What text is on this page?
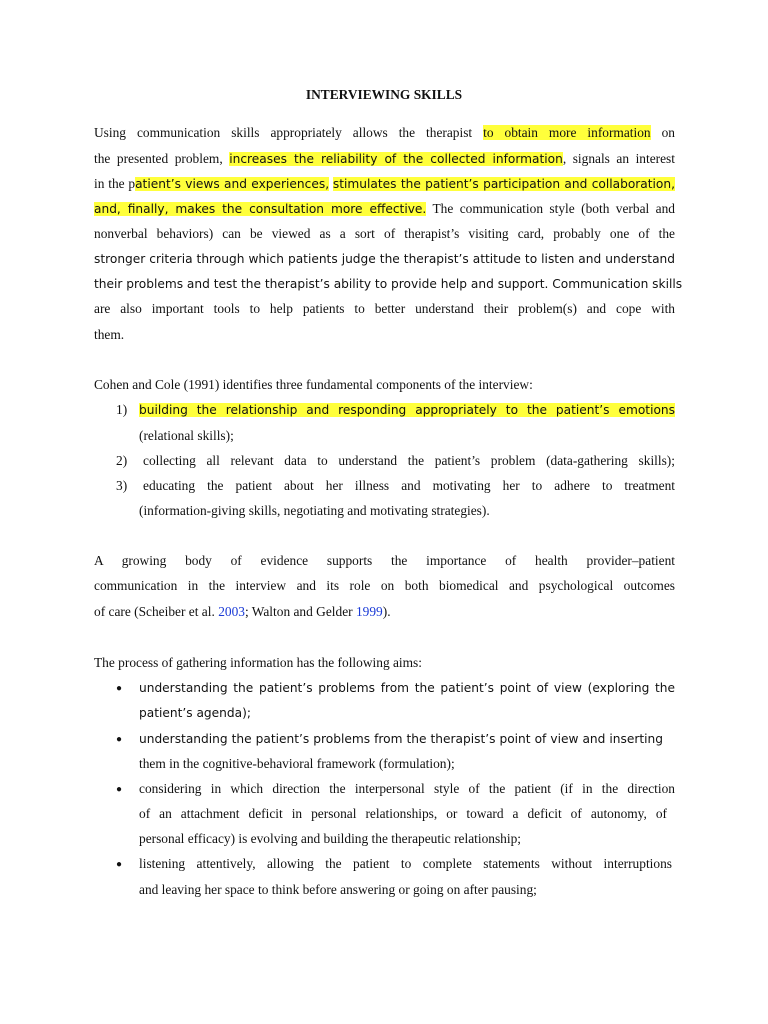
INTERVIEWING SKILLS
Using communication skills appropriately allows the therapist to obtain more information on
the presented problem, increases the reliability of the collected information, signals an interest
in the patient’s views and experiences, stimulates the patient’s participation and collaboration,
and, finally, makes the consultation more effective. The communication style (both verbal and
nonverbal behaviors) can be viewed as a sort of therapist’s visiting card, probably one of the
stronger criteria through which patients judge the therapist’s attitude to listen and understand
their problems and test the therapist’s ability to provide help and support. Communication skills
are also important tools to help patients to better understand their problem(s) and cope with
them.
Cohen and Cole (1991) identifies three fundamental components of the interview:
1) building the relationship and responding appropriately to the patient’s emotions
(relational skills);
2) collecting all relevant data to understand the patient’s problem (data-gathering skills);
3) educating the patient about her illness and motivating her to adhere to treatment
(information-giving skills, negotiating and motivating strategies).
A growing body of evidence supports the importance of health provider–patient
communication in the interview and its role on both biomedical and psychological outcomes
of care (Scheiber et al. 2003; Walton and Gelder 1999).
The process of gathering information has the following aims:
● understanding the patient’s problems from the patient’s point of view (exploring the
patient’s agenda);
● understanding the patient’s problems from the therapist’s point of view and inserting
them in the cognitive-behavioral framework (formulation);
● considering in which direction the interpersonal style of the patient (if in the direction
of an attachment deficit in personal relationships, or toward a deficit of autonomy, of
personal efficacy) is evolving and building the therapeutic relationship;
● listening attentively, allowing the patient to complete statements without interruptions
and leaving her space to think before answering or going on after pausing;
